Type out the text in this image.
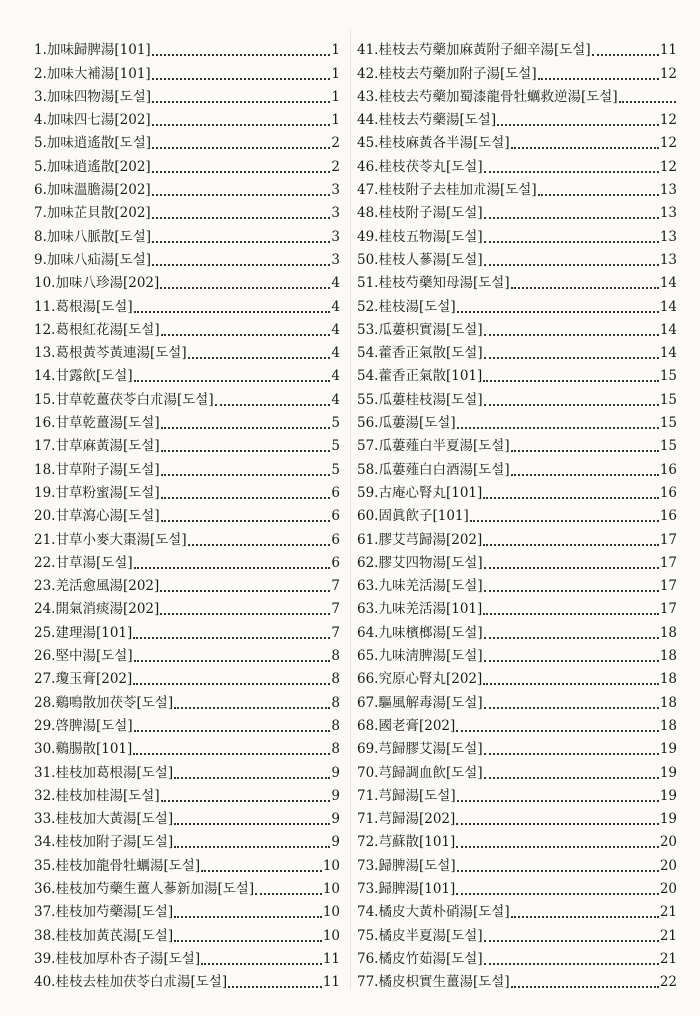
1.加味歸脾湯[101]	1
2.加味大補湯[101]	1
3.加味四物湯[도설]	1
4.加味四七湯[202]	1
5.加味逍遙散[도설]	2
5.加味逍遙散[202]	2
6.加味溫膽湯[202]	3
7.加味芷貝散[202]	3
8.加味八脈散[도설]	3
9.加味八疝湯[도설]	3
10.加味八珍湯[202]	4
11.葛根湯[도설]	4
12.葛根紅花湯[도설]	4
13.葛根黃芩黃連湯[도설]	4
14.甘露飮[도설]	4
15.甘草乾薑茯苓白朮湯[도설]	4
16.甘草乾薑湯[도설]	5
17.甘草麻黃湯[도설]	5
18.甘草附子湯[도설]	5
19.甘草粉蜜湯[도설]	6
20.甘草瀉心湯[도설]	6
21.甘草小麥大棗湯[도설]	6
22.甘草湯[도설]	6
23.羌活愈風湯[202]	7
24.開氣消痰湯[202]	7
25.建理湯[101]	7
26.堅中湯[도설]	8
27.瓊玉膏[202]	8
28.鷄鳴散加茯苓[도설]	8
29.啓脾湯[도설]	8
30.鷄腸散[101]	8
31.桂枝加葛根湯[도설]	9
32.桂枝加桂湯[도설]	9
33.桂枝加大黃湯[도설]	9
34.桂枝加附子湯[도설]	9
35.桂枝加龍骨牡蠣湯[도설]	10
36.桂枝加芍藥生薑人蔘新加湯[도설]	10
37.桂枝加芍藥湯[도설]	10
38.桂枝加黃芪湯[도설]	10
39.桂枝加厚朴杏子湯[도설]	11
40.桂枝去桂加茯苓白朮湯[도설]	11
41.桂枝去芍藥加麻黃附子細辛湯[도설]	11
42.桂枝去芍藥加附子湯[도설]	12
43.桂枝去芍藥加蜀漆龍骨牡蠣救逆湯[도설]
44.桂枝去芍藥湯[도설]	12
45.桂枝麻黃各半湯[도설]	12
46.桂枝茯苓丸[도설]	12
47.桂枝附子去桂加朮湯[도설]	13
48.桂枝附子湯[도설]	13
49.桂枝五物湯[도설]	13
50.桂枝人蔘湯[도설]	13
51.桂枝芍藥知母湯[도설]	14
52.桂枝湯[도설]	14
53.瓜蔞枳實湯[도설]	14
54.藿香正氣散[도설]	14
54.藿香正氣散[101]	15
55.瓜蔞桂枝湯[도설]	15
56.瓜蔞湯[도설]	15
57.瓜蔞薤白半夏湯[도설]	15
58.瓜蔞薤白白酒湯[도설]	16
59.古庵心腎丸[101]	16
60.固眞飮子[101]	16
61.膠艾芎歸湯[202]	17
62.膠艾四物湯[도설]	17
63.九味羌活湯[도설]	17
63.九味羌活湯[101]	17
64.九味檳榔湯[도설]	18
65.九味淸脾湯[도설]	18
66.究原心腎丸[202]	18
67.驅風解毒湯[도설]	18
68.國老膏[202]	18
69.芎歸膠艾湯[도설]	19
70.芎歸調血飮[도설]	19
71.芎歸湯[도설]	19
71.芎歸湯[202]	19
72.芎蘇散[101]	20
73.歸脾湯[도설]	20
73.歸脾湯[101]	20
74.橘皮大黃朴硝湯[도설]	21
75.橘皮半夏湯[도설]	21
76.橘皮竹茹湯[도설]	21
77.橘皮枳實生薑湯[도설]	22
